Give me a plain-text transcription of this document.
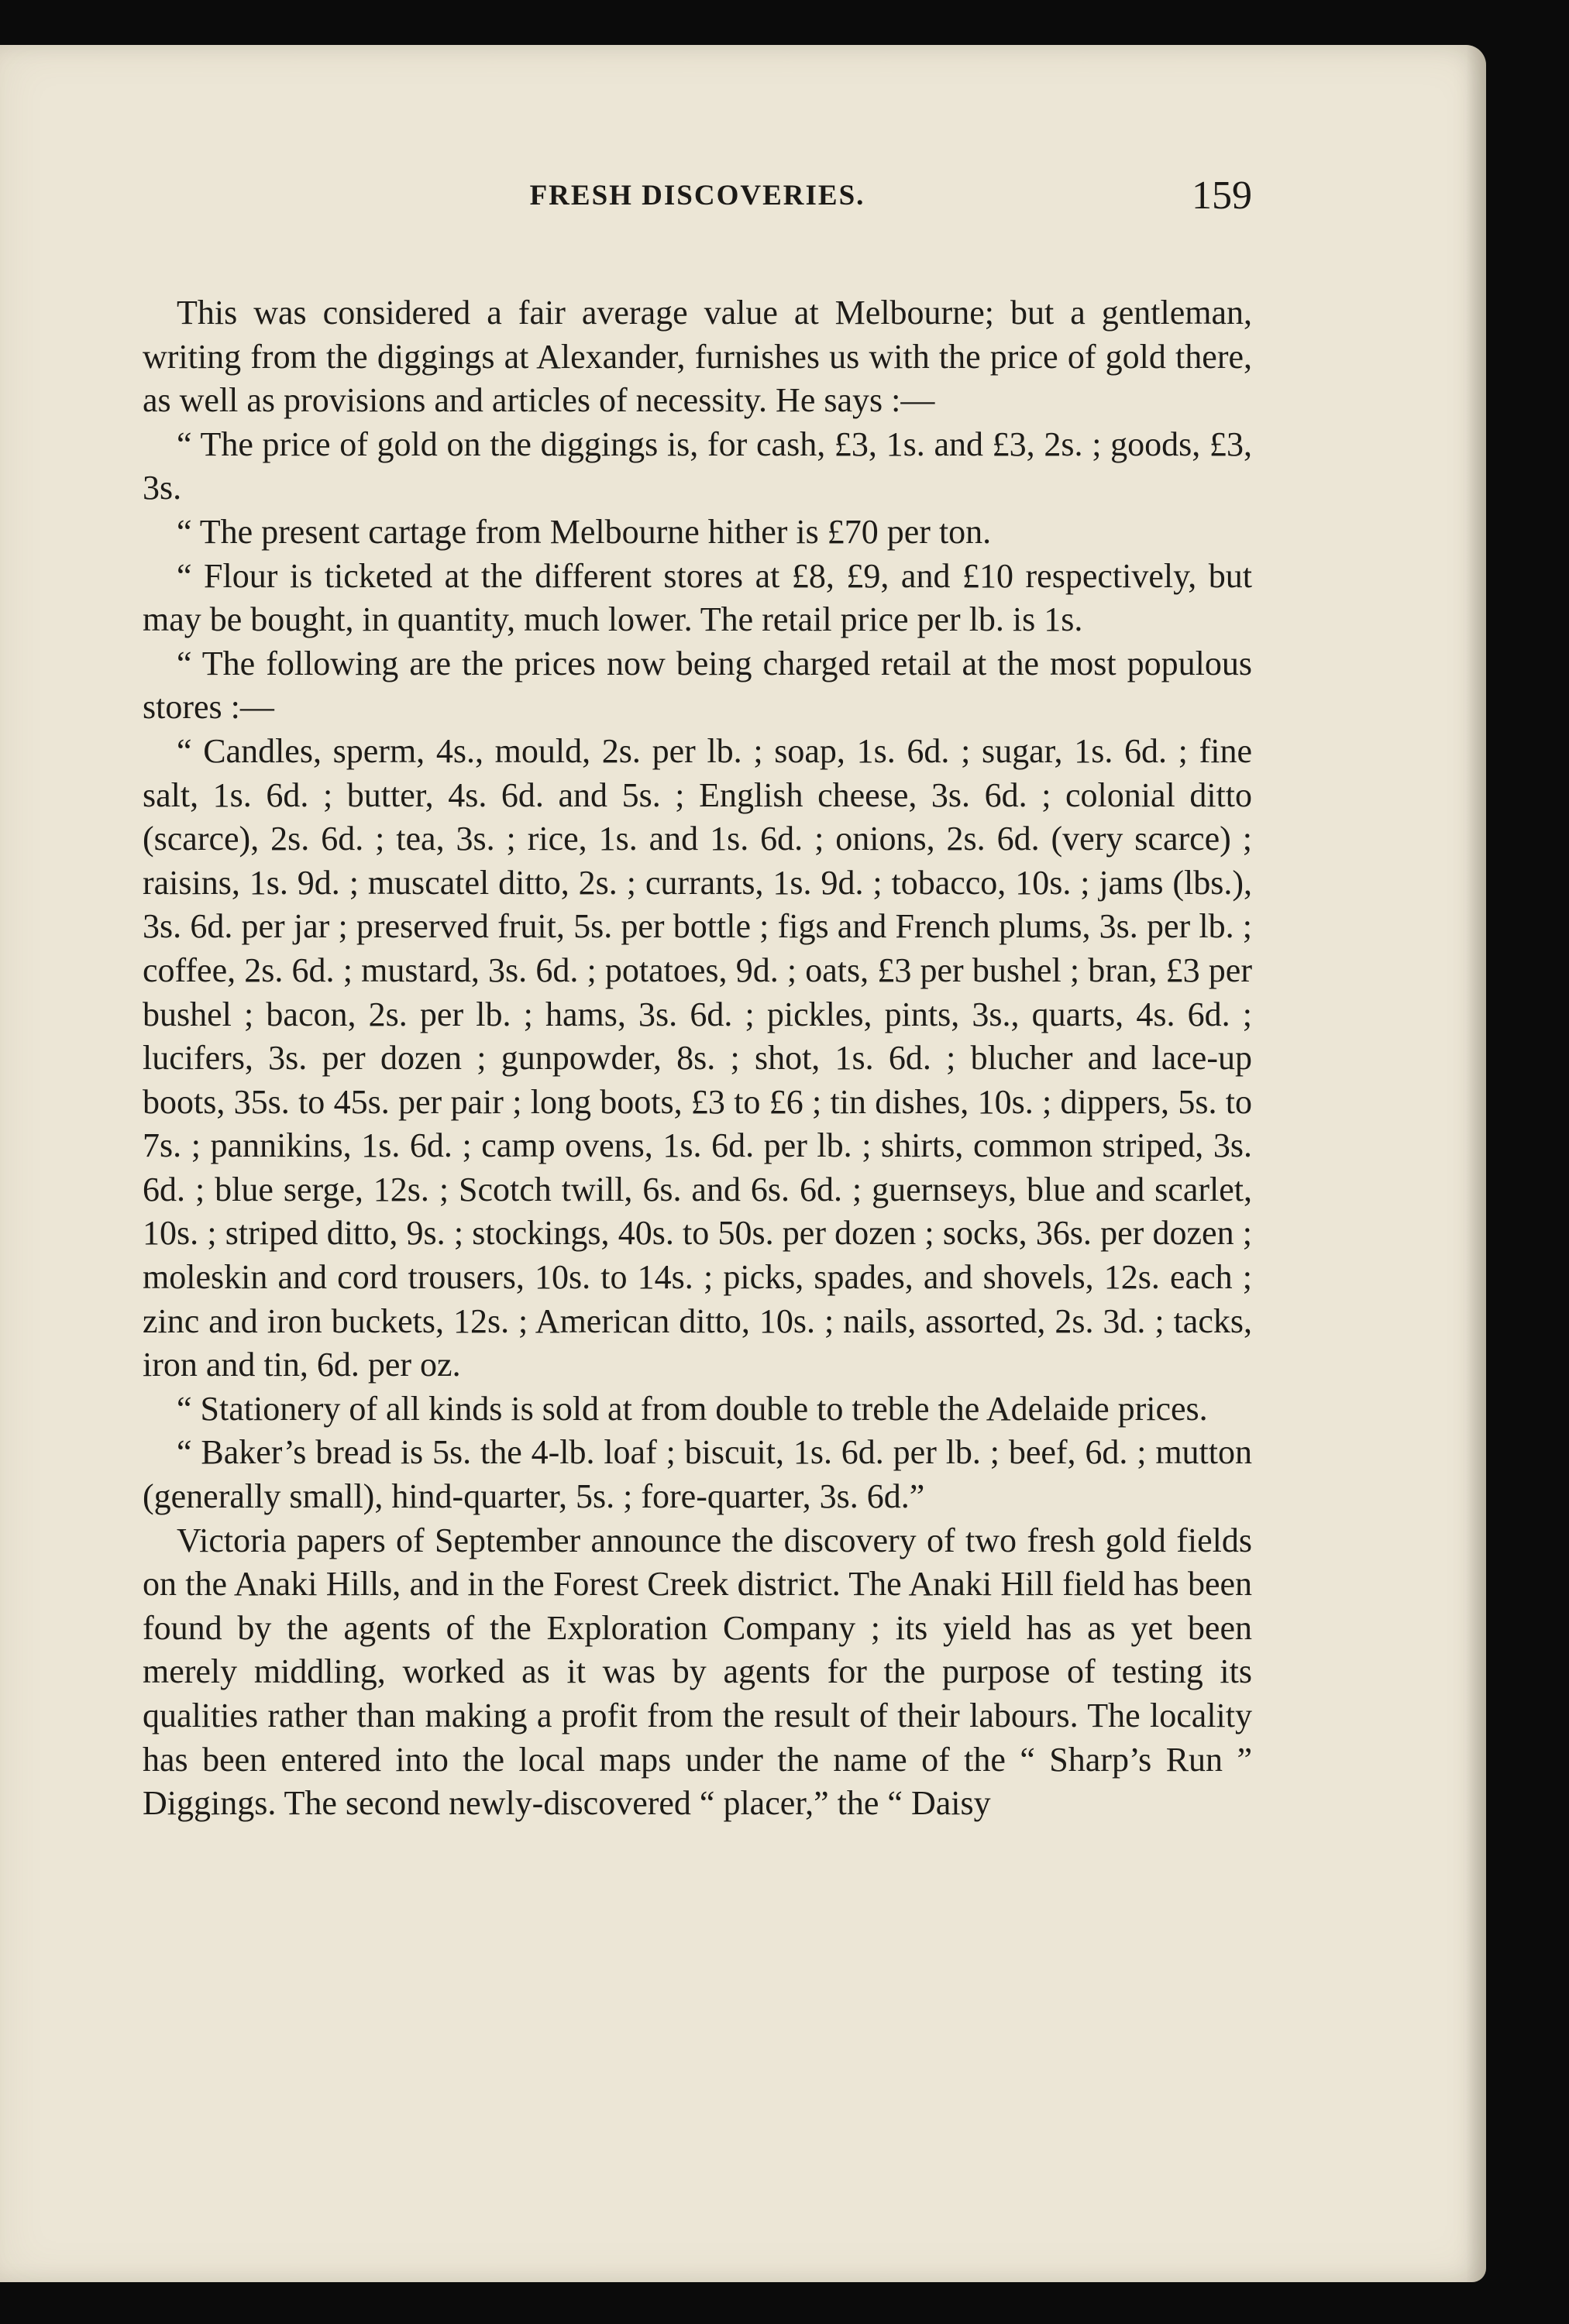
FRESH DISCOVERIES.	159

This was considered a fair average value at Melbourne; but a gentleman, writing from the diggings at Alexander, furnishes us with the price of gold there, as well as provisions and articles of necessity. He says :—

“ The price of gold on the diggings is, for cash, £3, 1s. and £3, 2s. ; goods, £3, 3s.

“ The present cartage from Melbourne hither is £70 per ton.

“ Flour is ticketed at the different stores at £8, £9, and £10 respectively, but may be bought, in quantity, much lower. The retail price per lb. is 1s.

“ The following are the prices now being charged retail at the most populous stores :—

“ Candles, sperm, 4s., mould, 2s. per lb. ; soap, 1s. 6d. ; sugar, 1s. 6d. ; fine salt, 1s. 6d. ; butter, 4s. 6d. and 5s. ; English cheese, 3s. 6d. ; colonial ditto (scarce), 2s. 6d. ; tea, 3s. ; rice, 1s. and 1s. 6d. ; onions, 2s. 6d. (very scarce) ; raisins, 1s. 9d. ; muscatel ditto, 2s. ; currants, 1s. 9d. ; tobacco, 10s. ; jams (lbs.), 3s. 6d. per jar ; preserved fruit, 5s. per bottle ; figs and French plums, 3s. per lb. ; coffee, 2s. 6d. ; mustard, 3s. 6d. ; potatoes, 9d. ; oats, £3 per bushel ; bran, £3 per bushel ; bacon, 2s. per lb. ; hams, 3s. 6d. ; pickles, pints, 3s., quarts, 4s. 6d. ; lucifers, 3s. per dozen ; gunpowder, 8s. ; shot, 1s. 6d. ; blucher and lace-up boots, 35s. to 45s. per pair ; long boots, £3 to £6 ; tin dishes, 10s. ; dippers, 5s. to 7s. ; pannikins, 1s. 6d. ; camp ovens, 1s. 6d. per lb. ; shirts, common striped, 3s. 6d. ; blue serge, 12s. ; Scotch twill, 6s. and 6s. 6d. ; guernseys, blue and scarlet, 10s. ; striped ditto, 9s. ; stockings, 40s. to 50s. per dozen ; socks, 36s. per dozen ; moleskin and cord trousers, 10s. to 14s. ; picks, spades, and shovels, 12s. each ; zinc and iron buckets, 12s. ; American ditto, 10s. ; nails, assorted, 2s. 3d. ; tacks, iron and tin, 6d. per oz.

“ Stationery of all kinds is sold at from double to treble the Adelaide prices.

“ Baker’s bread is 5s. the 4-lb. loaf ; biscuit, 1s. 6d. per lb. ; beef, 6d. ; mutton (generally small), hind-quarter, 5s. ; fore-quarter, 3s. 6d.”

Victoria papers of September announce the discovery of two fresh gold fields on the Anaki Hills, and in the Forest Creek district. The Anaki Hill field has been found by the agents of the Exploration Company ; its yield has as yet been merely middling, worked as it was by agents for the purpose of testing its qualities rather than making a profit from the result of their labours. The locality has been entered into the local maps under the name of the “ Sharp’s Run ” Diggings. The second newly-discovered “ placer,” the “ Daisy
